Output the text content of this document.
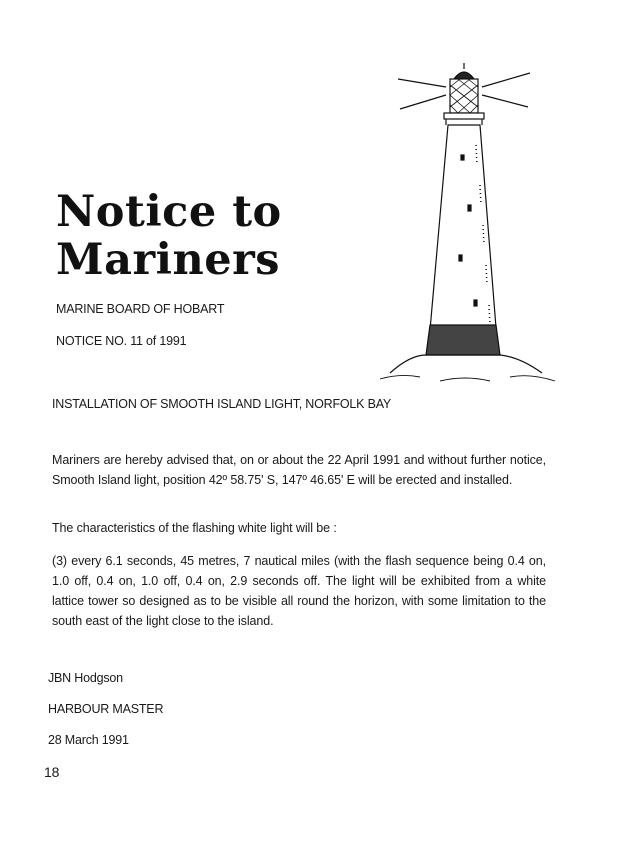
Notice to
Mariners
MARINE BOARD OF HOBART
NOTICE NO. 11 of 1991
INSTALLATION OF SMOOTH ISLAND LIGHT, NORFOLK BAY

Mariners are hereby advised that, on or about the 22 April 1991 and without further notice, Smooth Island light, position 42º 58.75' S, 147º 46.65' E will be erected and installed.

The characteristics of the flashing white light will be :

(3) every 6.1 seconds, 45 metres, 7 nautical miles (with the flash sequence being 0.4 on, 1.0 off, 0.4 on, 1.0 off, 0.4 on, 2.9 seconds off. The light will be exhibited from a white lattice tower so designed as to be visible all round the horizon, with some limitation to the south east of the light close to the island.

JBN Hodgson
HARBOUR MASTER
28 March 1991
18
